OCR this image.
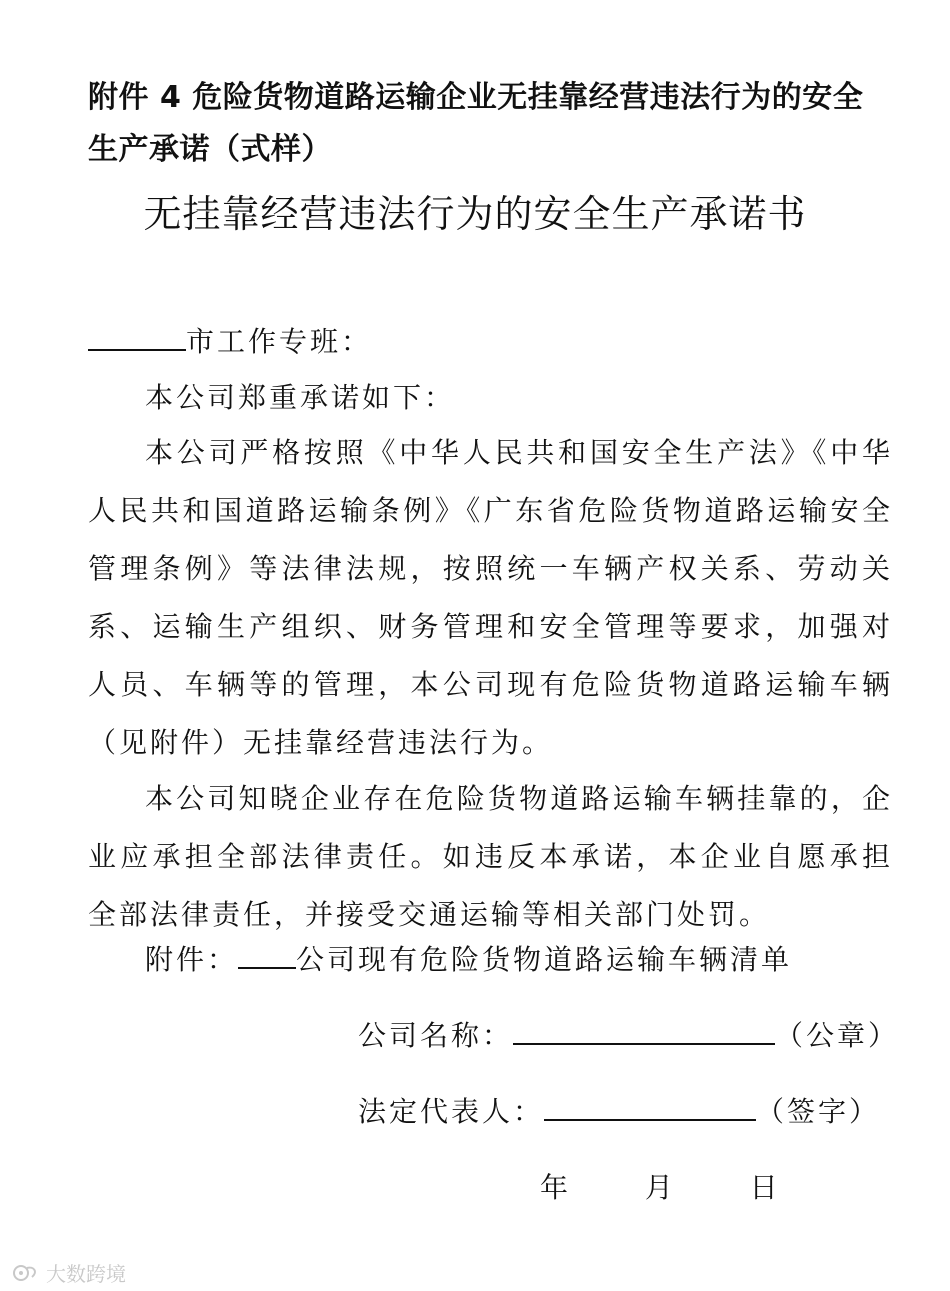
附件 4 危险货物道路运输企业无挂靠经营违法行为的安全生产承诺（式样）
无挂靠经营违法行为的安全生产承诺书
市工作专班：
本公司郑重承诺如下：

本公司严格按照《中华人民共和国安全生产法》《中华人民共和国道路运输条例》《广东省危险货物道路运输安全管理条例》等法律法规，按照统一车辆产权关系、劳动关系、运输生产组织、财务管理和安全管理等要求，加强对人员、车辆等的管理，本公司现有危险货物道路运输车辆（见附件）无挂靠经营违法行为。

本公司知晓企业存在危险货物道路运输车辆挂靠的，企业应承担全部法律责任。如违反本承诺，本企业自愿承担全部法律责任，并接受交通运输等相关部门处罚。

附件： 公司现有危险货物道路运输车辆清单
公司名称：	（公章）
法定代表人：	（签字）
年	月	日
大数跨境
